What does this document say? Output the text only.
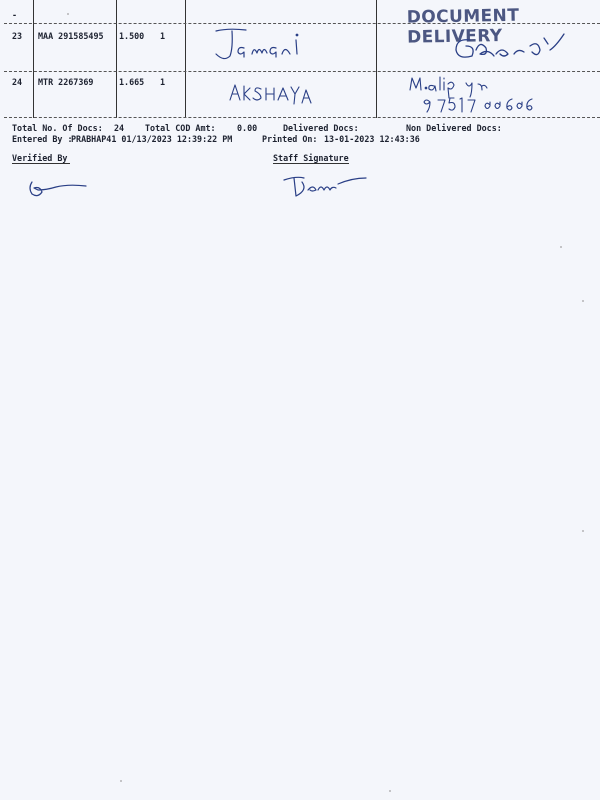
-	DOCUMENT DELIVERY
23 MAA 291585495 1.500 1
24 MTR 2267369	1.665 1
Total No. Of Docs: 24 Total COD Amt:	0.00	Delivered Docs:	Non Delivered Docs:
Entered By :
PRABHAP41 01/13/2023 12:39:22 PM	Printed On: 13-01-2023 12:43:36
Verified By	Staff Signature
